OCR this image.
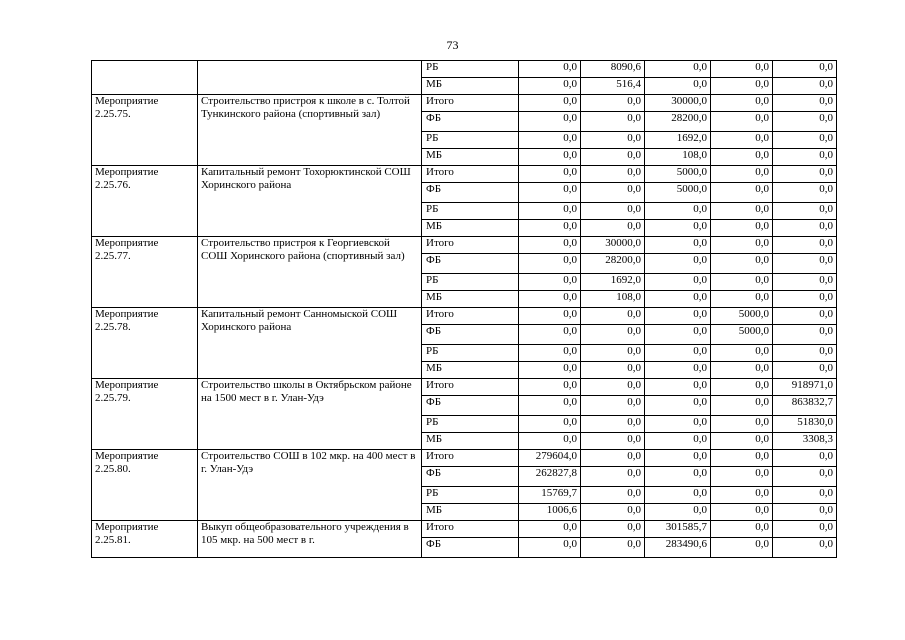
73
		РБ	0,0	8090,6	0,0	0,0	0,0
		МБ	0,0	516,4	0,0	0,0	0,0
Мероприятие 2.25.75.	Строительство пристроя к школе в с. Толтой Тункинского района (спортивный зал)	Итого	0,0	0,0	30000,0	0,0	0,0
		ФБ	0,0	0,0	28200,0	0,0	0,0
		РБ	0,0	0,0	1692,0	0,0	0,0
		МБ	0,0	0,0	108,0	0,0	0,0
Мероприятие 2.25.76.	Капитальный ремонт Тохорюктинской СОШ Хоринского района	Итого	0,0	0,0	5000,0	0,0	0,0
		ФБ	0,0	0,0	5000,0	0,0	0,0
		РБ	0,0	0,0	0,0	0,0	0,0
		МБ	0,0	0,0	0,0	0,0	0,0
Мероприятие 2.25.77.	Строительство пристроя к Георгиевской СОШ Хоринского района (спортивный зал)	Итого	0,0	30000,0	0,0	0,0	0,0
		ФБ	0,0	28200,0	0,0	0,0	0,0
		РБ	0,0	1692,0	0,0	0,0	0,0
		МБ	0,0	108,0	0,0	0,0	0,0
Мероприятие 2.25.78.	Капитальный ремонт Санномыской СОШ Хоринского района	Итого	0,0	0,0	0,0	5000,0	0,0
		ФБ	0,0	0,0	0,0	5000,0	0,0
		РБ	0,0	0,0	0,0	0,0	0,0
		МБ	0,0	0,0	0,0	0,0	0,0
Мероприятие 2.25.79.	Строительство школы в Октябрьском районе на 1500 мест в г. Улан-Удэ	Итого	0,0	0,0	0,0	0,0	918971,0
		ФБ	0,0	0,0	0,0	0,0	863832,7
		РБ	0,0	0,0	0,0	0,0	51830,0
		МБ	0,0	0,0	0,0	0,0	3308,3
Мероприятие 2.25.80.	Строительство СОШ в 102 мкр. на 400 мест в г. Улан-Удэ	Итого	279604,0	0,0	0,0	0,0	0,0
		ФБ	262827,8	0,0	0,0	0,0	0,0
		РБ	15769,7	0,0	0,0	0,0	0,0
		МБ	1006,6	0,0	0,0	0,0	0,0
Мероприятие 2.25.81.	Выкуп общеобразовательного учреждения в 105 мкр. на 500 мест в г.	Итого	0,0	0,0	301585,7	0,0	0,0
		ФБ	0,0	0,0	283490,6	0,0	0,0
